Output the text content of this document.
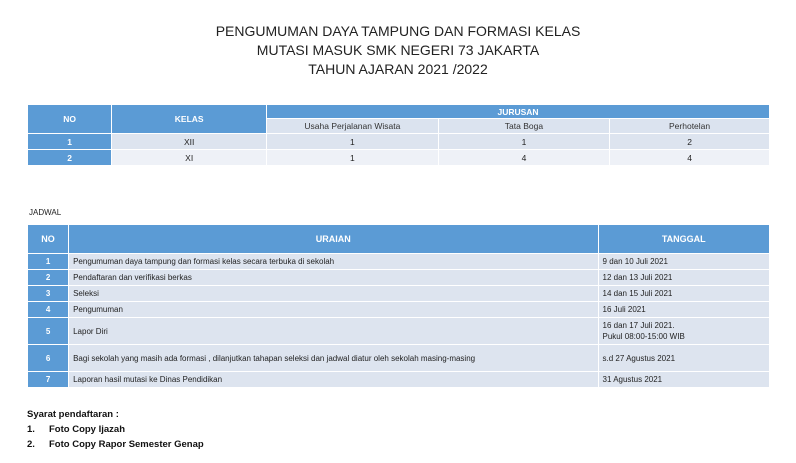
PENGUMUMAN DAYA TAMPUNG DAN FORMASI KELAS
MUTASI MASUK SMK NEGERI 73 JAKARTA
TAHUN AJARAN 2021 /2022
NO	KELAS	JURUSAN		
		Usaha Perjalanan Wisata	Tata Boga	Perhotelan
1	XII	1	1	2
2	XI	1	4	4
JADWAL
NO	URAIAN	TANGGAL
1	Pengumuman daya tampung dan formasi kelas secara terbuka di sekolah	9 dan 10 Juli 2021
2	Pendaftaran dan verifikasi berkas	12 dan 13 Juli 2021
3	Seleksi	14 dan 15 Juli 2021
4	Pengumuman	16 Juli 2021
5	Lapor Diri	16 dan 17 Juli 2021.
Pukul 08:00-15:00 WIB

6	Bagi sekolah yang masih ada formasi , dilanjutkan tahapan seleksi dan jadwal diatur oleh sekolah masing-masing	s.d 27 Agustus 2021
7	Laporan hasil mutasi ke Dinas Pendidikan	31 Agustus 2021
Syarat pendaftaran :
1. Foto Copy Ijazah
2. Foto Copy Rapor Semester Genap
